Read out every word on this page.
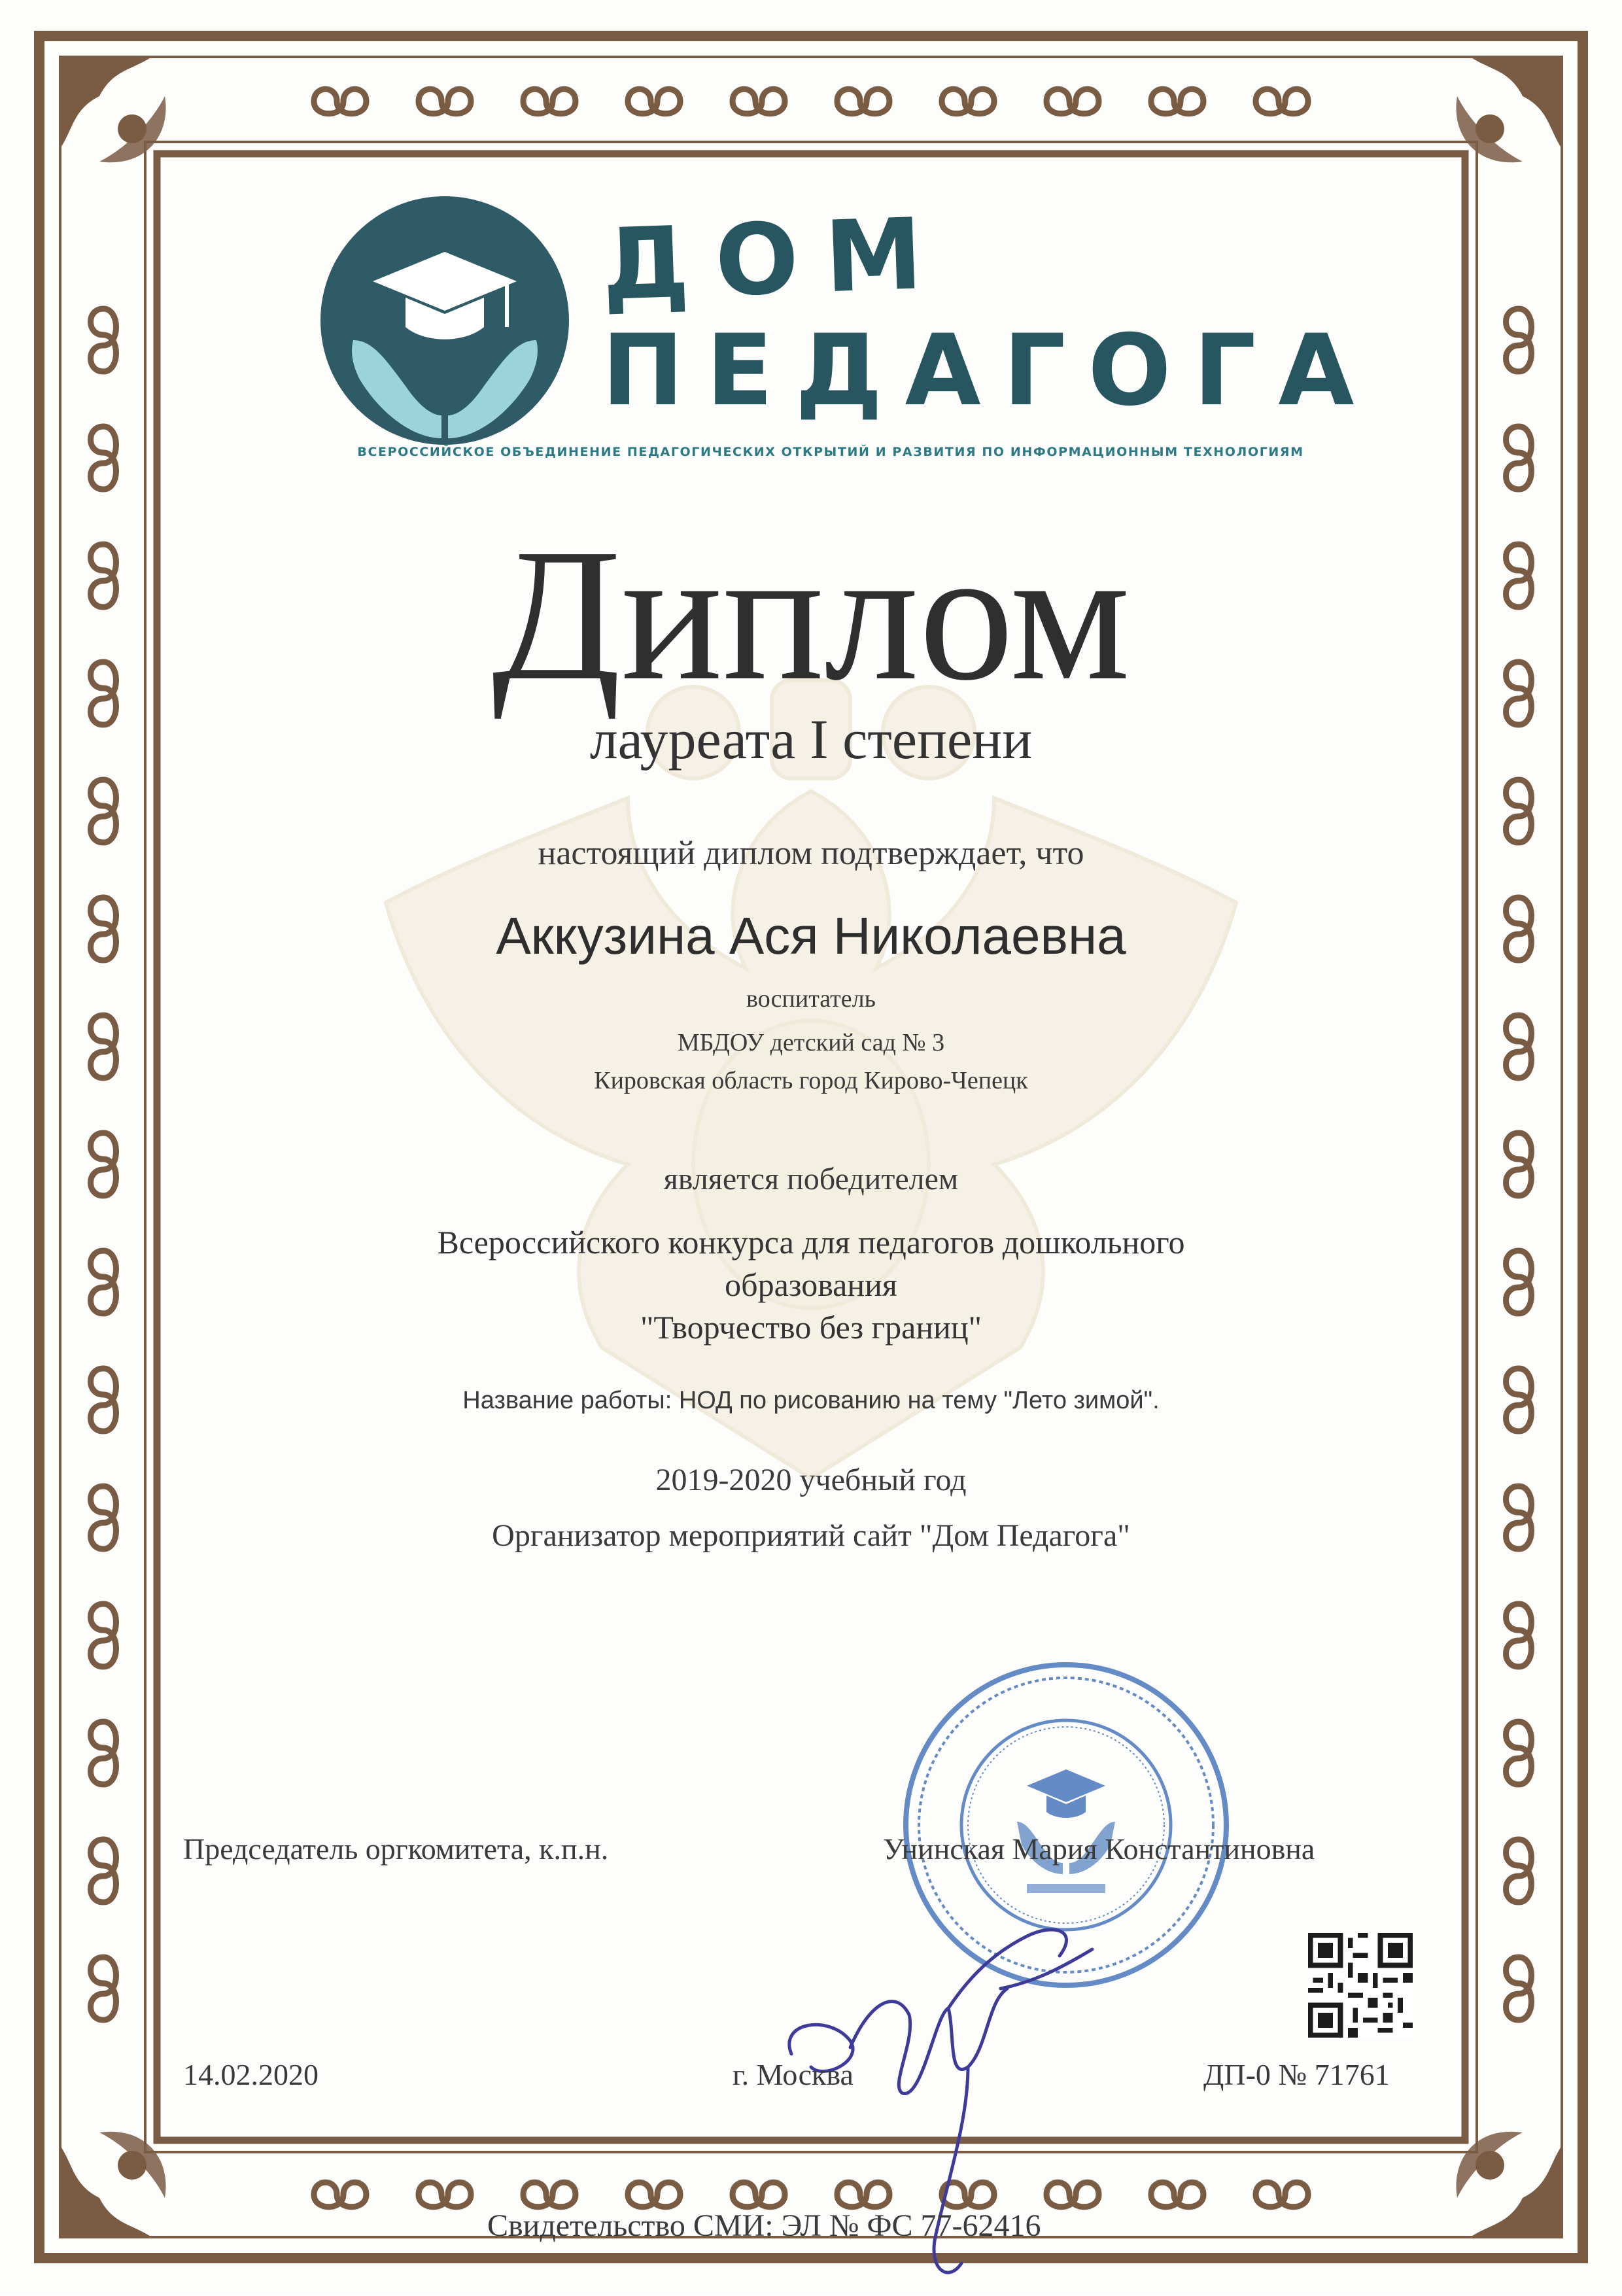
ДОМ
ПЕДАГОГА
ВСЕРОССИЙСКОЕ ОБЪЕДИНЕНИЕ ПЕДАГОГИЧЕСКИХ ОТКРЫТИЙ И РАЗВИТИЯ ПО ИНФОРМАЦИОННЫМ ТЕХНОЛОГИЯМ
Диплом
лауреата I степени
настоящий диплом подтверждает, что
Аккузина Ася Николаевна
воспитатель
МБДОУ детский сад № 3
Кировская область город Кирово-Чепецк
является победителем
Всероссийского конкурса для педагогов дошкольного
образования
"Творчество без границ"
Название работы: НОД по рисованию на тему "Лето зимой".
2019-2020 учебный год
Организатор мероприятий сайт "Дом Педагога"
Председатель оргкомитета, к.п.н.	Унинская Мария Константиновна
14.02.2020	г. Москва	ДП-0 № 71761
Свидетельство СМИ: ЭЛ № ФС 77-62416
